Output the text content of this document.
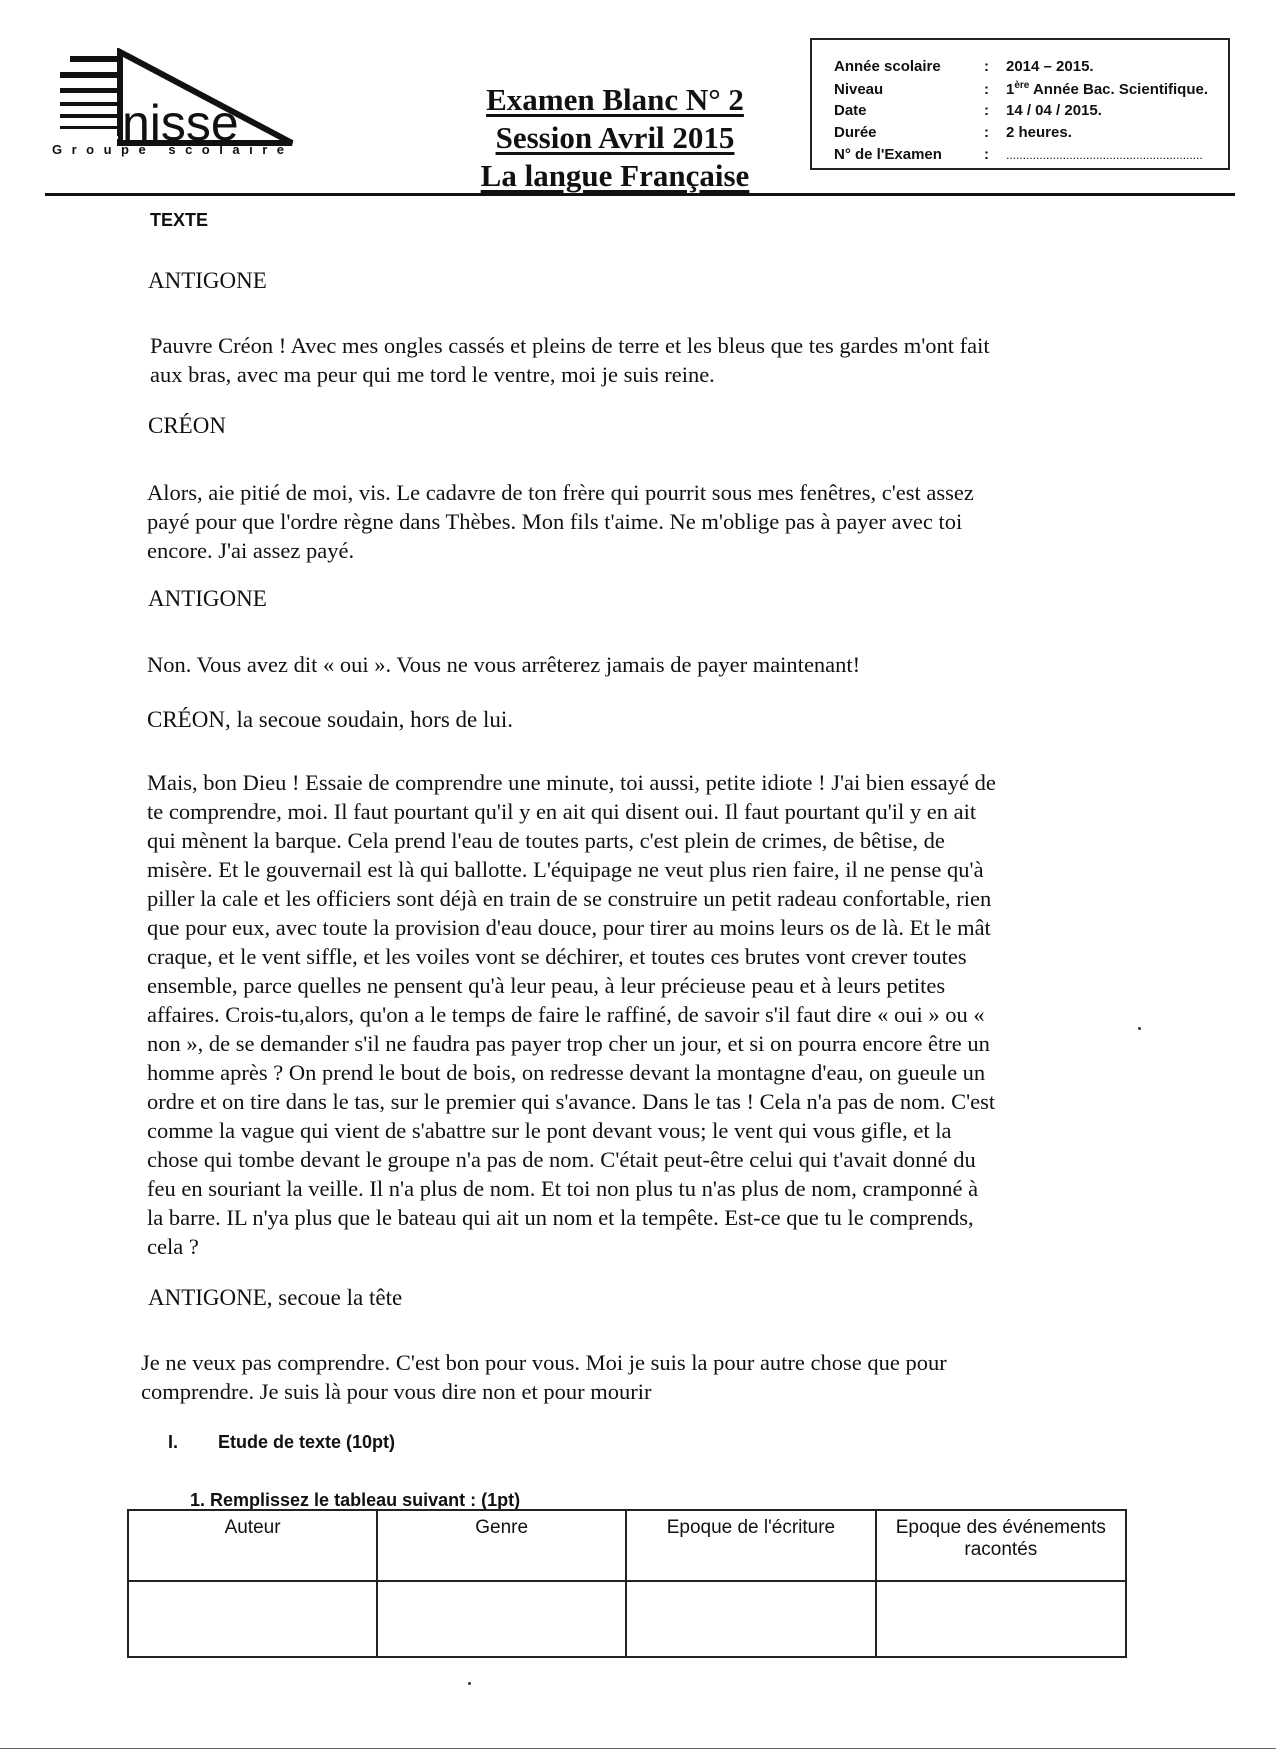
nisse
Groupe scolaire
Examen Blanc N° 2
Session Avril 2015
La langue Française
Année scolaire	: 2014 – 2015.
Niveau	: 1ère Année Bac. Scientifique.
Date	: 14 / 04 / 2015.
Durée	: 2 heures.
N° de l'Examen	: ...........................................................
TEXTE
ANTIGONE

Pauvre Créon ! Avec mes ongles cassés et pleins de terre et les bleus que tes gardes m'ont fait

aux bras, avec ma peur qui me tord le ventre, moi je suis reine.

CRÉON

Alors, aie pitié de moi, vis. Le cadavre de ton frère qui pourrit sous mes fenêtres, c'est assez

payé pour que l'ordre règne dans Thèbes. Mon fils t'aime. Ne m'oblige pas à payer avec toi

encore. J'ai assez payé.

ANTIGONE

Non. Vous avez dit « oui ». Vous ne vous arrêterez jamais de payer maintenant!

CRÉON, la secoue soudain, hors de lui.

Mais, bon Dieu ! Essaie de comprendre une minute, toi aussi, petite idiote ! J'ai bien essayé de

te comprendre, moi. Il faut pourtant qu'il y en ait qui disent oui. Il faut pourtant qu'il y en ait

qui mènent la barque. Cela prend l'eau de toutes parts, c'est plein de crimes, de bêtise, de

misère. Et le gouvernail est là qui ballotte. L'équipage ne veut plus rien faire, il ne pense qu'à

piller la cale et les officiers sont déjà en train de se construire un petit radeau confortable, rien

que pour eux, avec toute la provision d'eau douce, pour tirer au moins leurs os de là. Et le mât

craque, et le vent siffle, et les voiles vont se déchirer, et toutes ces brutes vont crever toutes

ensemble, parce quelles ne pensent qu'à leur peau, à leur précieuse peau et à leurs petites

affaires. Crois-tu,alors, qu'on a le temps de faire le raffiné, de savoir s'il faut dire « oui » ou «

non », de se demander s'il ne faudra pas payer trop cher un jour, et si on pourra encore être un

homme après ? On prend le bout de bois, on redresse devant la montagne d'eau, on gueule un

ordre et on tire dans le tas, sur le premier qui s'avance. Dans le tas ! Cela n'a pas de nom. C'est

comme la vague qui vient de s'abattre sur le pont devant vous; le vent qui vous gifle, et la

chose qui tombe devant le groupe n'a pas de nom. C'était peut-être celui qui t'avait donné du

feu en souriant la veille. Il n'a plus de nom. Et toi non plus tu n'as plus de nom, cramponné à

la barre. IL n'ya plus que le bateau qui ait un nom et la tempête. Est-ce que tu le comprends,

cela ?

ANTIGONE, secoue la tête

Je ne veux pas comprendre. C'est bon pour vous. Moi je suis la pour autre chose que pour

comprendre. Je suis là pour vous dire non et pour mourir

I. Etude de texte (10pt)
1. Remplissez le tableau suivant : (1pt)
Auteur	Genre	Epoque de l'écriture	Epoque des événements racontés
